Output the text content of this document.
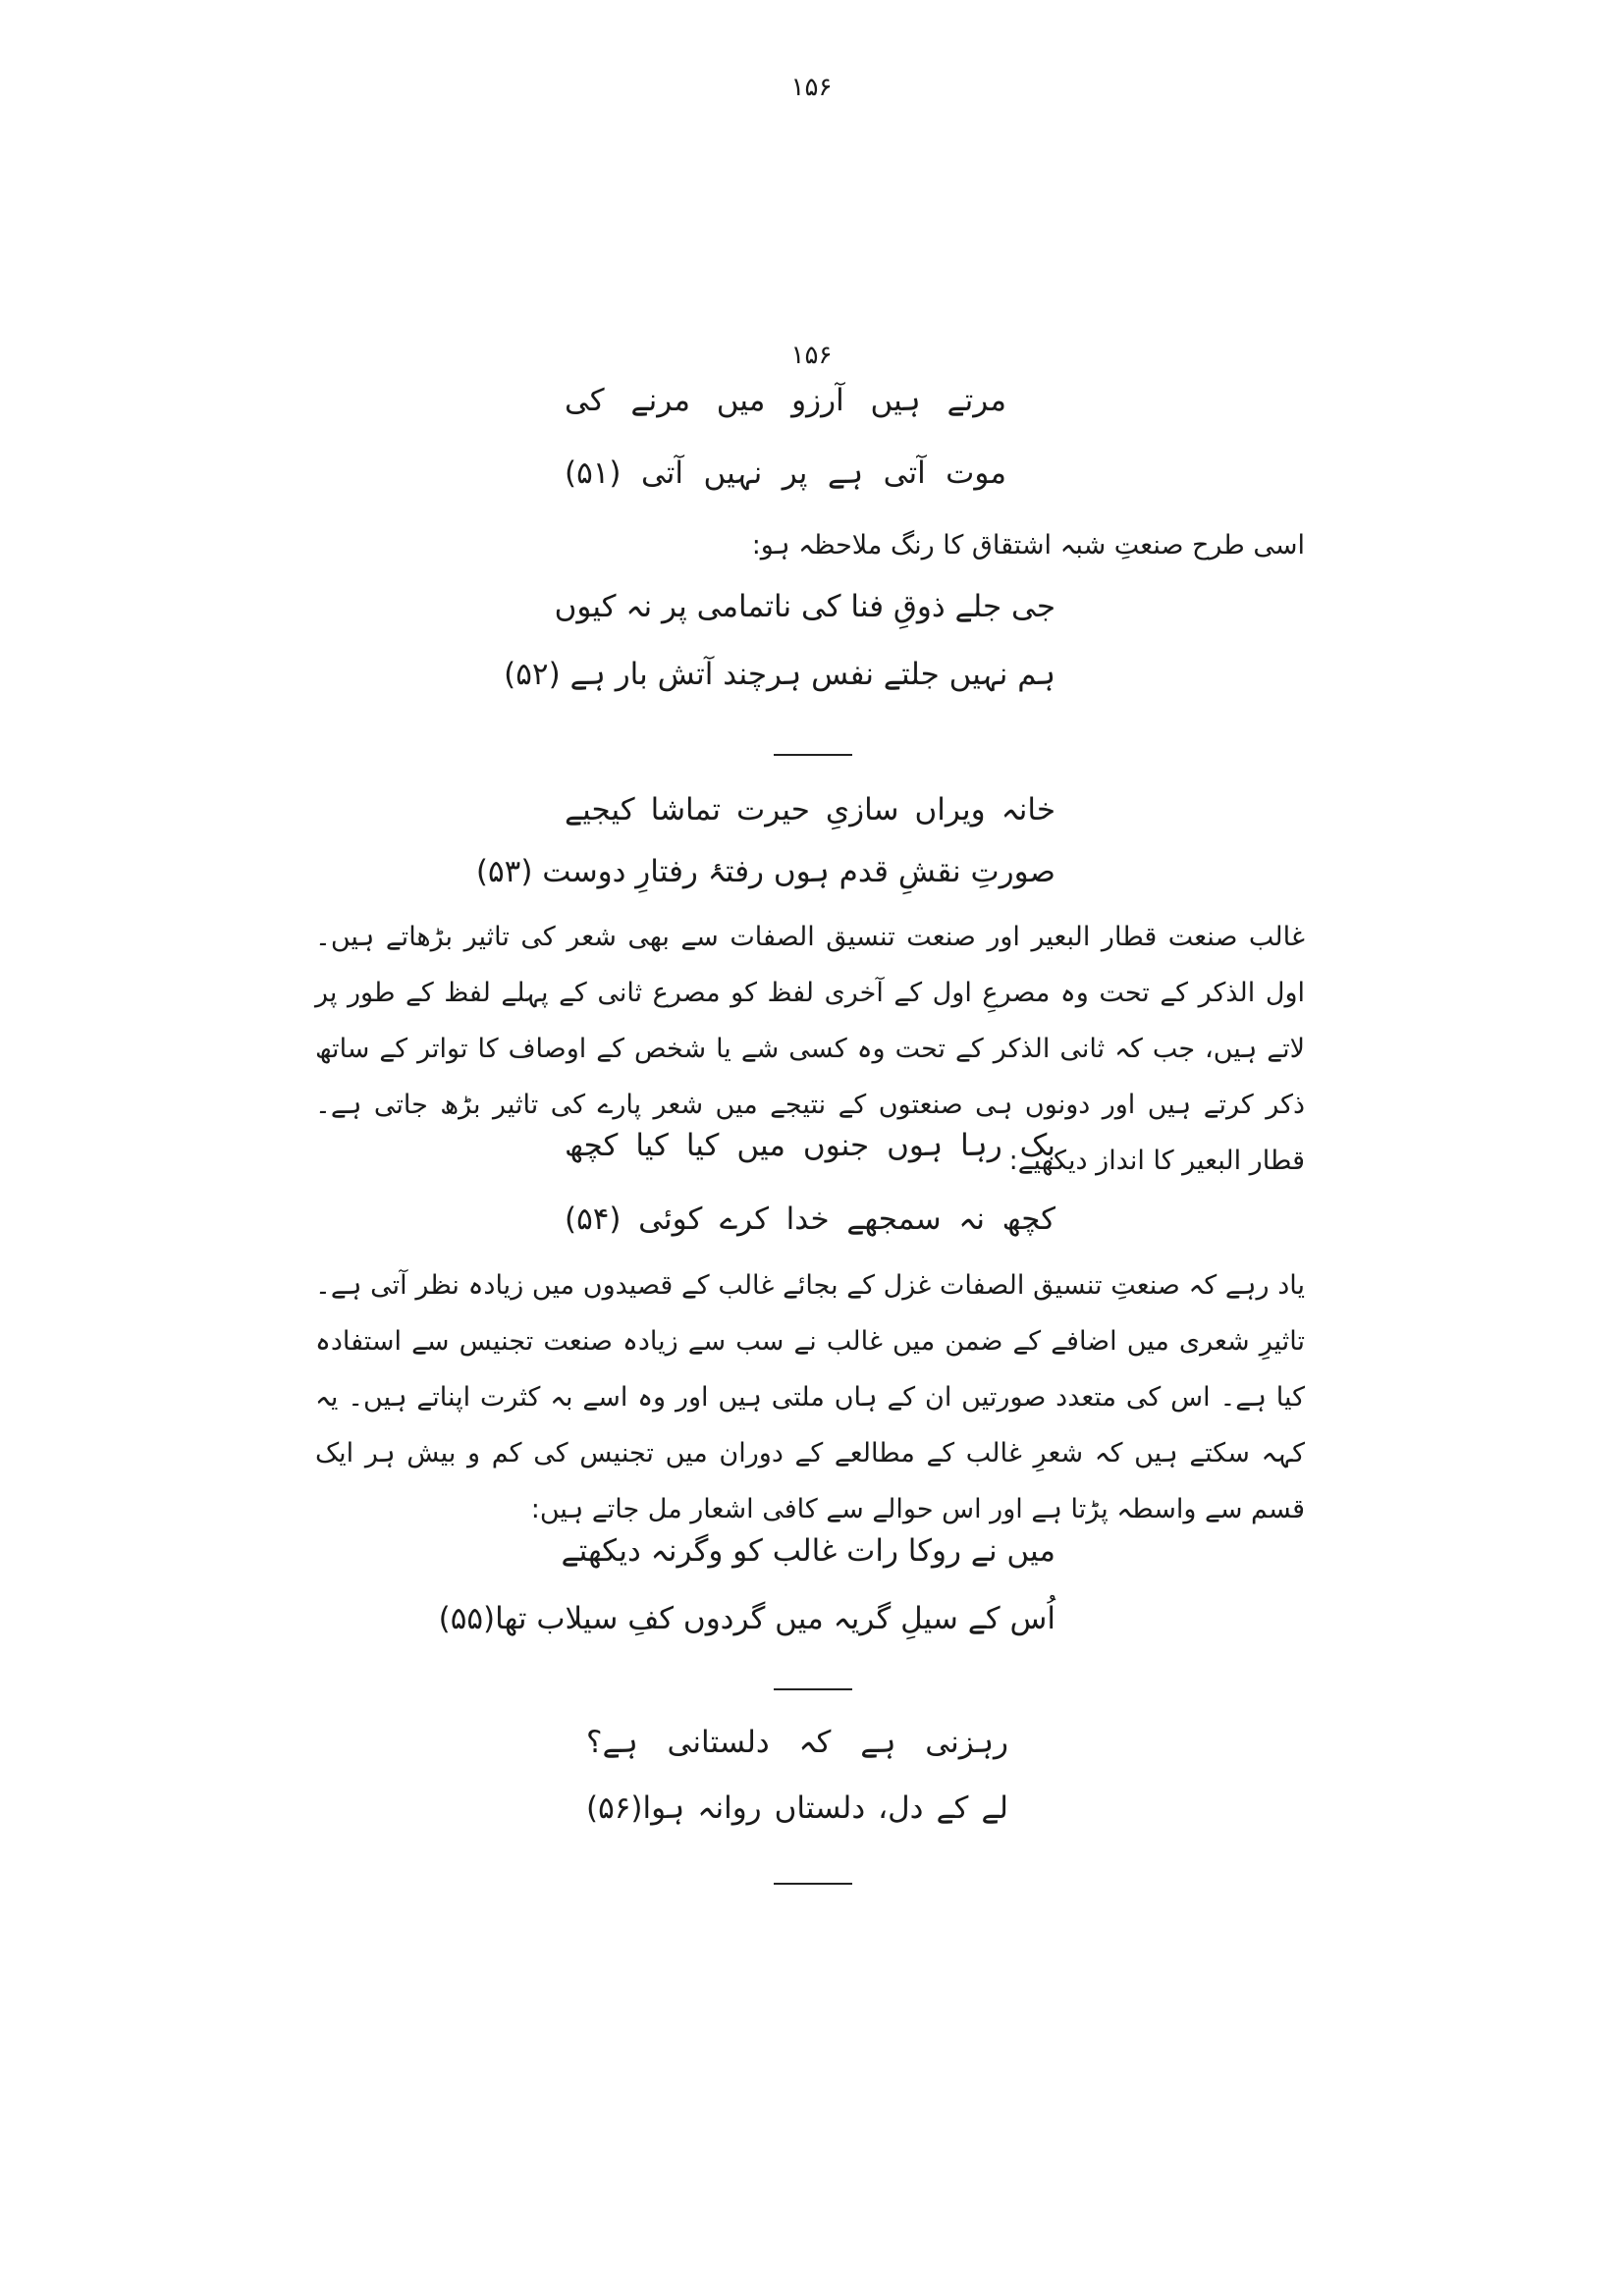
۱۵۶
۱۵۶
مرتے ہیں آرزو میں مرنے کی
موت آتی ہے پر نہیں آتی (۵۱)
اسی طرح صنعتِ شبہ اشتقاق کا رنگ ملاحظہ ہو:
جی جلے ذوقِ فنا کی ناتمامی پر نہ کیوں
ہم نہیں جلتے نفس ہرچند آتش بار ہے (۵۲)
خانہ ویراں سازیِ حیرت تماشا کیجیے
صورتِ نقشِ قدم ہوں رفتۂ رفتارِ دوست (۵۳)
غالب صنعت قطار البعیر اور صنعت تنسیق الصفات سے بھی شعر کی تاثیر بڑھاتے ہیں۔ اول الذکر کے تحت وہ مصرعِ اول کے آخری لفظ کو مصرع ثانی کے پہلے لفظ کے طور پر لاتے ہیں، جب کہ ثانی الذکر کے تحت وہ کسی شے یا شخص کے اوصاف کا تواتر کے ساتھ ذکر کرتے ہیں اور دونوں ہی صنعتوں کے نتیجے میں شعر پارے کی تاثیر بڑھ جاتی ہے۔ قطار البعیر کا انداز دیکھیے:
بک رہا ہوں جنوں میں کیا کیا کچھ
کچھ نہ سمجھے خدا کرے کوئی (۵۴)
یاد رہے کہ صنعتِ تنسیق الصفات غزل کے بجائے غالب کے قصیدوں میں زیادہ نظر آتی ہے۔ تاثیرِ شعری میں اضافے کے ضمن میں غالب نے سب سے زیادہ صنعت تجنیس سے استفادہ کیا ہے۔ اس کی متعدد صورتیں ان کے ہاں ملتی ہیں اور وہ اسے بہ کثرت اپناتے ہیں۔ یہ کہہ سکتے ہیں کہ شعرِ غالب کے مطالعے کے دوران میں تجنیس کی کم و بیش ہر ایک قسم سے واسطہ پڑتا ہے اور اس حوالے سے کافی اشعار مل جاتے ہیں:
میں نے روکا رات غالب کو وگرنہ دیکھتے
اُس کے سیلِ گریہ میں گردوں کفِ سیلاب تھا(۵۵)
رہزنی ہے کہ دلستانی ہے؟
لے کے دل، دلستاں روانہ ہوا(۵۶)
